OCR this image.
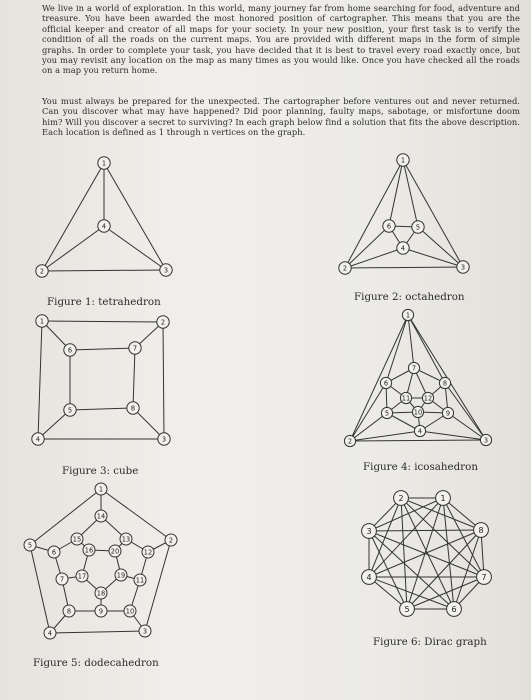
We live in a world of exploration. In this world, many journey far from home searching for food, adventure and treasure. You have been awarded the most honored position of cartographer. This means that you are the official keeper and creator of all maps for your society. In your new position, your first task is to verify the condition of all the roads on the current maps. You are provided with different maps in the form of simple graphs. In order to complete your task, you have decided that it is best to travel every road exactly once, but you may revisit any location on the map as many times as you would like. Once you have checked all the roads on a map you return home.
You must always be prepared for the unexpected. The cartographer before ventures out and never returned. Can you discover what may have happened? Did poor planning, faulty maps, sabotage, or misfortune doom him? Will you discover a secret to surviving? In each graph below find a solution that fits the above description. Each location is defined as 1 through n vertices on the graph.
1
2	3
4
Figure 1: tetrahedron
1
2	3
4
5
6
Figure 2: octahedron
1	2
3
4
5
6	7
8
Figure 3: cube
1
2	3
4
5
6
7
8
9
10
11 12
Figure 4: icosahedron
1
2
3
4
5
6
7
8	9	10
11
12
13
14
15
16
17
18
19
20
Figure 5: dodecahedron
1
2
3
4
5	6
7
8
Figure 6: Dirac graph
